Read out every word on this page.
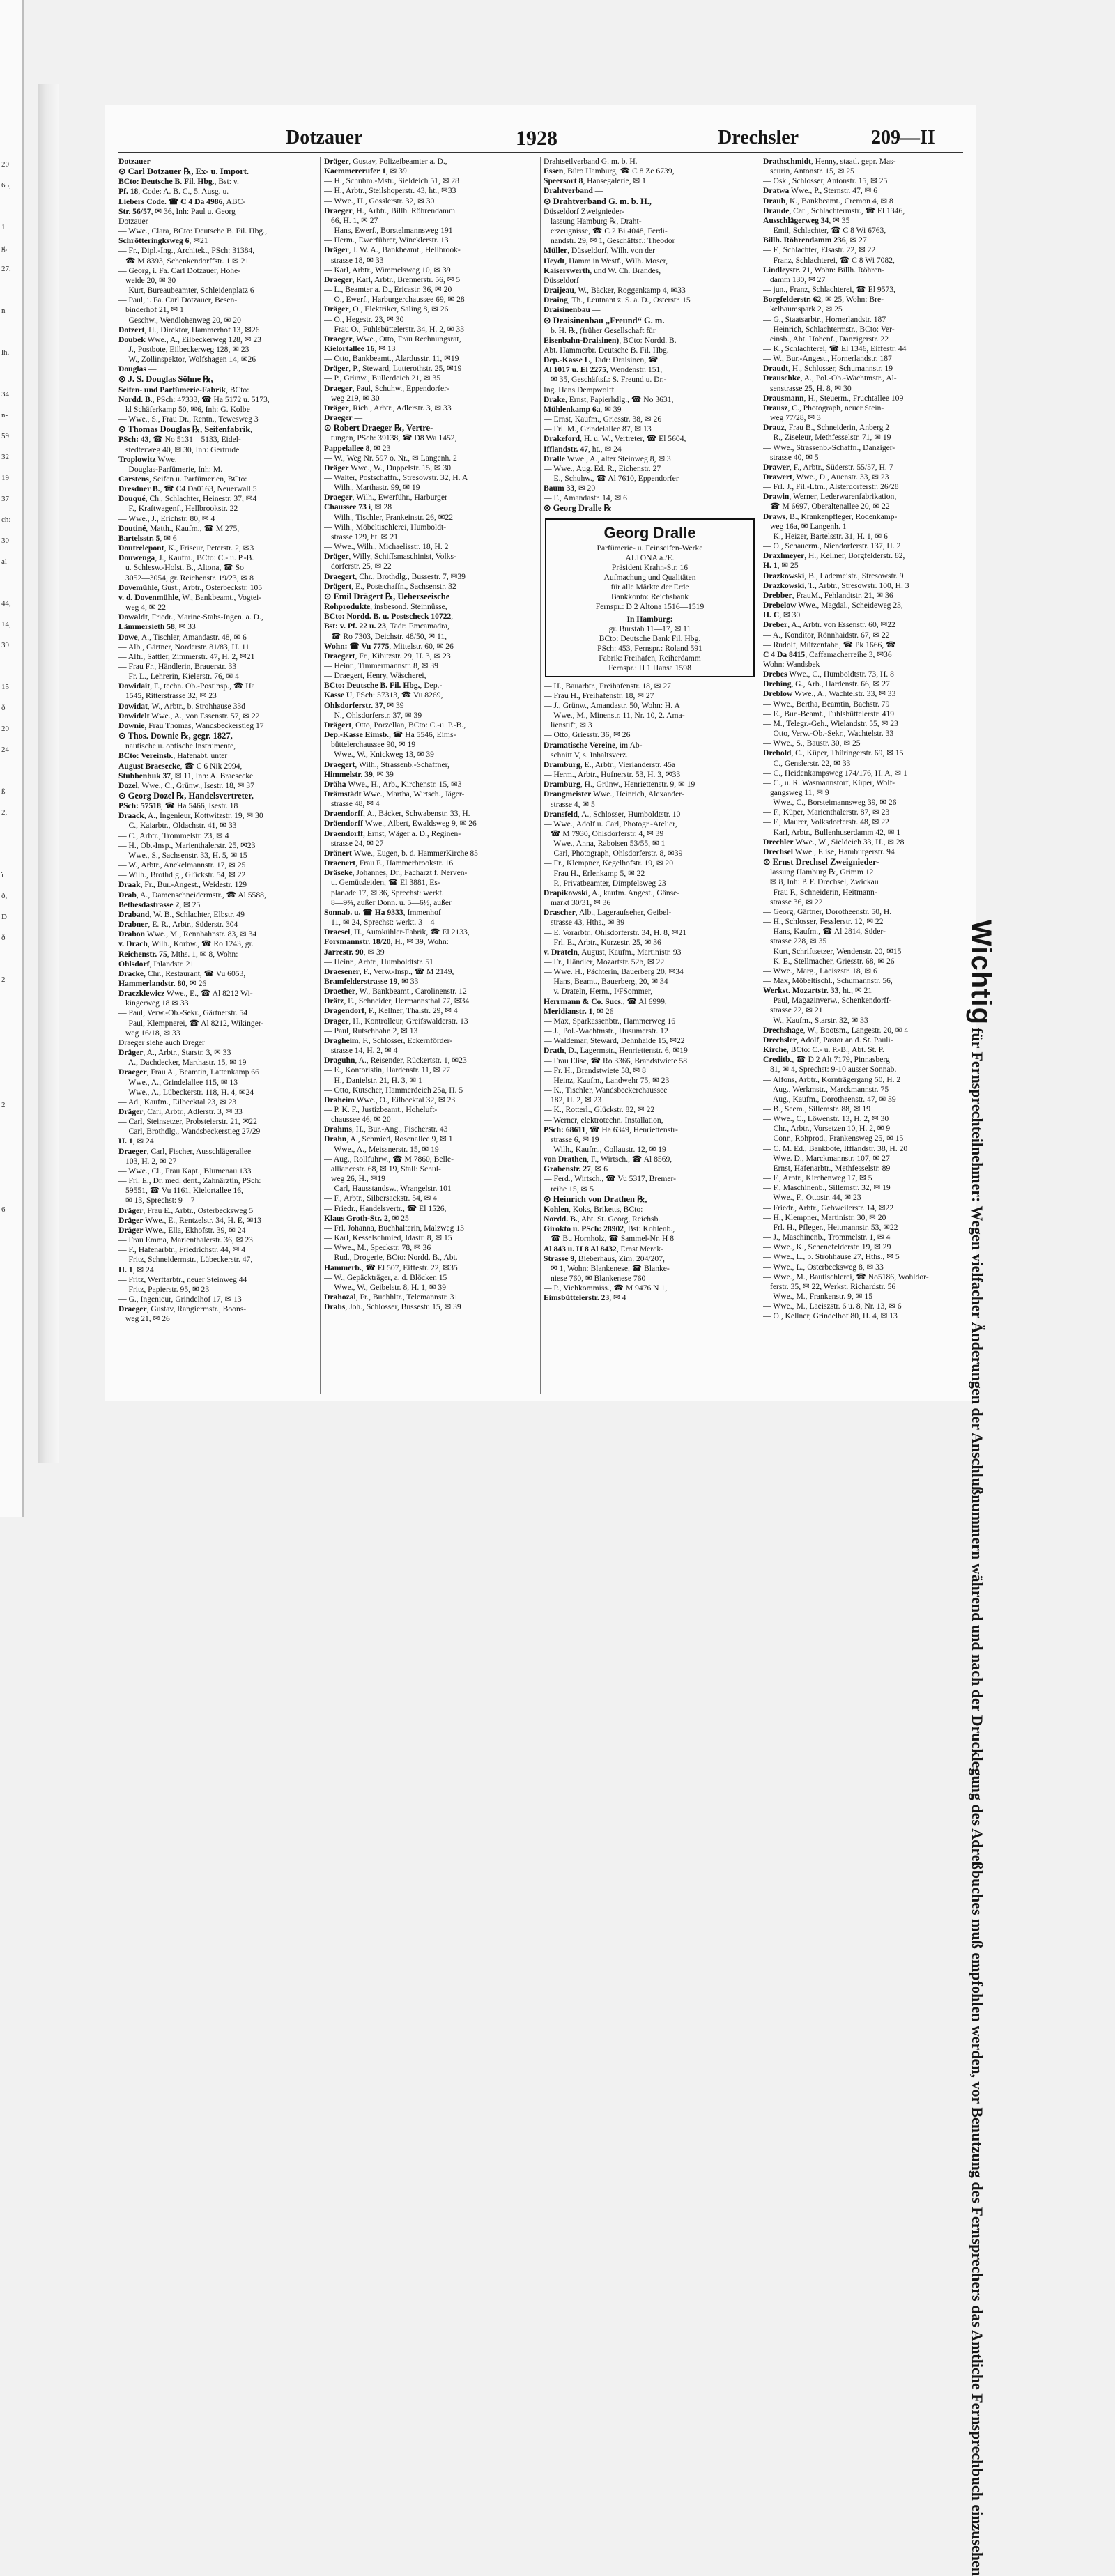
20
65,
1
g,
27,
n-
lh.
34
n-
59
32
19
37
ch:
30
al-
44,
14,
39
15
ð
20
24
ß
2,
ï
ð,
D
ð
2
2
6
Dotzauer	1928	Drechsler	209—II

Dotzauer —

⊙ Carl Dotzauer ℞, Ex- u. Import.

BCto: Deutsche B. Fil. Hbg., Bst: v.

Pf. 18, Code: A. B. C., 5. Ausg. u.

Liebers Code. ☎ C 4 Da 4986, ABC-

Str. 56/57, ✉ 36, Inh: Paul u. Georg

Dotzauer

— Wwe., Clara, BCto: Deutsche B. Fil. Hbg.,

Schrötteringksweg 6, ✉21

— Fr., Dipl.-Ing., Architekt, PSch: 31384,

☎ M 8393, Schenkendorffstr. 1 ✉ 21

— Georg, i. Fa. Carl Dotzauer, Hohe-

weide 20, ✉ 30

— Kurt, Bureaubeamter, Schleidenplatz 6

— Paul, i. Fa. Carl Dotzauer, Besen-

binderhof 21, ✉ 1

— Geschw., Wendlohenweg 20, ✉ 20

Dotzert, H., Direktor, Hammerhof 13, ✉26

Doubek Wwe., A., Eilbeckerweg 128, ✉ 23

— J., Postbote, Eilbeckerweg 128, ✉ 23

— W., Zollinspektor, Wolfshagen 14, ✉26

Douglas —

⊙ J. S. Douglas Söhne ℞,

Seifen- und Parfümerie-Fabrik, BCto:

Nordd. B., PSch: 47333, ☎ Ha 5172 u. 5173,

kl Schäferkamp 50, ✉6, Inh: G. Kolbe

— Wwe., S., Frau Dr., Rentn., Tewesweg 3

⊙ Thomas Douglas ℞, Seifenfabrik,

PSch: 43, ☎ No 5131—5133, Eidel-

stedterweg 40, ✉ 30, Inh: Gertrude

Troplowitz Wwe.

— Douglas-Parfümerie, Inh: M.

Carstens, Seifen u. Parfümerien, BCto:

Dresdner B., ☎ C4 Da0163, Neuerwall 5

Douqué, Ch., Schlachter, Heinestr. 37, ✉4

— F., Kraftwagenf., Hellbrookstr. 22

— Wwe., J., Erichstr. 80, ✉ 4

Doutiné, Matth., Kaufm., ☎ M 275,

Bartelsstr. 5, ✉ 6

Doutrelepont, K., Friseur, Peterstr. 2, ✉3

Douwenga, J., Kaufm., BCto: C.- u. P.-B.

u. Schlesw.-Holst. B., Altona, ☎ So

3052—3054, gr. Reichenstr. 19/23, ✉ 8

Dovemühle, Gust., Arbtr., Osterbeckstr. 105

v. d. Dovenmühle, W., Bankbeamt., Vogtei-

weg 4, ✉ 22

Dowaldt, Friedr., Marine-Stabs-Ingen. a. D.,

Lämmersieth 58, ✉ 33

Dowe, A., Tischler, Amandastr. 48, ✉ 6

— Alb., Gärtner, Norderstr. 81/83, H. 11

— Alfr., Sattler, Zimmerstr. 47, H. 2, ✉21

— Frau Fr., Händlerin, Brauerstr. 33

— Fr. L., Lehrerin, Kielerstr. 76, ✉ 4

Dowidait, F., techn. Ob.-Postinsp., ☎ Ha

1545, Ritterstrasse 32, ✉ 23

Dowidat, W., Arbtr., b. Strohhause 33d

Dowidelt Wwe., A., von Essenstr. 57, ✉ 22

Downie, Frau Thomas, Wandsbeckerstieg 17

⊙ Thos. Downie ℞, gegr. 1827,

nautische u. optische Instrumente,

BCto: Vereinsb., Hafenabt. unter

August Braesecke, ☎ C 6 Nik 2994,

Stubbenhuk 37, ✉ 11, Inh: A. Braesecke

Dozel, Wwe., C., Grünw., Isestr. 18, ✉ 37

⊙ Georg Dozel ℞, Handelsvertreter,

PSch: 57518, ☎ Ha 5466, Isestr. 18

Draack, A., Ingenieur, Kottwitzstr. 19, ✉ 30

— C., Kaiarbtr., Oldachstr. 41, ✉ 33

— C., Arbtr., Trommelstr. 23, ✉ 4

— H., Ob.-Insp., Marienthalerstr. 25, ✉23

— Wwe., S., Sachsenstr. 33, H. 5, ✉ 15

— W., Arbtr., Anckelmannstr. 17, ✉ 25

— Wilh., Brothdlg., Glückstr. 54, ✉ 22

Draak, Fr., Bur.-Angest., Weidestr. 129

Drab, A., Damenschneidermstr., ☎ Al 5588,

Bethesdastrasse 2, ✉ 25

Draband, W. B., Schlachter, Elbstr. 49

Drabner, E. R., Arbtr., Süderstr. 304

Drabon Wwe., M., Rennbahnstr. 83, ✉ 34

v. Drach, Wilh., Korbw., ☎ Ro 1243, gr.

Reichenstr. 75, Mths. 1, ✉ 8, Wohn:

Ohlsdorf, Ihlandstr. 21

Dracke, Chr., Restaurant, ☎ Vu 6053,

Hammerlandstr. 80, ✉ 26

Draczklewicz Wwe., E., ☎ Al 8212 Wi-

kingerweg 18 ✉ 33

— Paul, Verw.-Ob.-Sekr., Gärtnerstr. 54

— Paul, Klempnerei, ☎ Al 8212, Wikinger-

weg 16/18, ✉ 33

Draeger siehe auch Dreger

Dräger, A., Arbtr., Starstr. 3, ✉ 33

— A., Dachdecker, Marthastr. 15, ✉ 19

Draeger, Frau A., Beamtin, Lattenkamp 66

— Wwe., A., Grindelallee 115, ✉ 13

— Wwe., A., Lübeckerstr. 118, H. 4, ✉24

— Ad., Kaufm., Eilbecktal 23, ✉ 23

Dräger, Carl, Arbtr., Adlerstr. 3, ✉ 33

— Carl, Steinsetzer, Probsteierstr. 21, ✉22

— Carl, Brothdlg., Wandsbeckerstieg 27/29

H. 1, ✉ 24

Draeger, Carl, Fischer, Ausschlägerallee

103, H. 2, ✉ 27

— Wwe., Cl., Frau Kapt., Blumenau 133

— Frl. E., Dr. med. dent., Zahnärztin, PSch:

59551, ☎ Vu 1161, Kielortallee 16,

✉ 13, Sprechst: 9—7

Dräger, Frau E., Arbtr., Osterbecksweg 5

Dräger Wwe., E., Rentzelstr. 34, H. E, ✉13

Dräger Wwe., Ella, Ekhofstr. 39, ✉ 24

— Frau Emma, Marienthalerstr. 36, ✉ 23

— F., Hafenarbtr., Friedrichstr. 44, ✉ 4

— Fritz, Schneidermstr., Lübeckerstr. 47,

H. 1, ✉ 24

— Fritz, Werftarbtr., neuer Steinweg 44

— Fritz, Papierstr. 95, ✉ 23

— G., Ingenieur, Grindelhof 17, ✉ 13

Draeger, Gustav, Rangiermstr., Boons-

weg 21, ✉ 26

Dräger, Gustav, Polizeibeamter a. D.,

Kaemmererufer 1, ✉ 39

— H., Schuhm.-Mstr., Sieldeich 51, ✉ 28

— H., Arbtr., Steilshoperstr. 43, ht., ✉33

— Wwe., H., Gosslerstr. 32, ✉ 30

Draeger, H., Arbtr., Billh. Röhrendamm

66, H. 1, ✉ 27

— Hans, Ewerf., Borstelmannsweg 191

— Herm., Ewerführer, Wincklerstr. 13

Dräger, J. W. A., Bankbeamt., Hellbrook-

strasse 18, ✉ 33

— Karl, Arbtr., Wimmelsweg 10, ✉ 39

Draeger, Karl, Arbtr., Brennerstr. 56, ✉ 5

— L., Beamter a. D., Ericastr. 36, ✉ 20

— O., Ewerf., Harburgerchaussee 69, ✉ 28

Dräger, O., Elektriker, Saling 8, ✉ 26

— O., Hegestr. 23, ✉ 30

— Frau O., Fuhlsbüttelerstr. 34, H. 2, ✉ 33

Draeger, Wwe., Otto, Frau Rechnungsrat,

Kielortallee 16, ✉ 13

— Otto, Bankbeamt., Alardusstr. 11, ✉19

Dräger, P., Steward, Lutterothstr. 25, ✉19

— P., Grünw., Bullerdeich 21, ✉ 35

Draeger, Paul, Schuhw., Eppendorfer-

weg 219, ✉ 30

Dräger, Rich., Arbtr., Adlerstr. 3, ✉ 33

Draeger —

⊙ Robert Draeger ℞, Vertre-

tungen, PSch: 39138, ☎ D8 Wa 1452,

Pappelallee 8, ✉ 23

— W., Weg Nr. 597 o. Nr., ✉ Langenh. 2

Dräger Wwe., W., Duppelstr. 15, ✉ 30

— Walter, Postschaffn., Stresowstr. 32, H. A

— Wilh., Marthastr. 99, ✉ 19

Draeger, Wilh., Ewerführ., Harburger

Chaussee 73 i, ✉ 28

— Wilh., Tischler, Frankeinstr. 26, ✉22

— Wilh., Möbeltischlerei, Humboldt-

strasse 129, ht. ✉ 21

— Wwe., Wilh., Michaelisstr. 18, H. 2

Dräger, Willy, Schiffsmaschinist, Volks-

dorferstr. 25, ✉ 22

Draegert, Chr., Brothdlg., Bussestr. 7, ✉39

Drägert, E., Postschaffn., Sachsenstr. 32

⊙ Emil Drägert ℞, Ueberseeische

Rohprodukte, insbesond. Steinnüsse,

BCto: Nordd. B. u. Postscheck 10722,

Bst: v. Pf. 22 u. 23, Tadr: Emcamadra,

☎ Ro 7303, Deichstr. 48/50, ✉ 11,

Wohn: ☎ Vu 7775, Mittelstr. 60, ✉ 26

Draegert, Fr., Kibitzstr. 29, H. 3, ✉ 23

— Heinr., Timmermannstr. 8, ✉ 39

— Draegert, Henry, Wäscherei,

BCto: Deutsche B. Fil. Hbg., Dep.-

Kasse U, PSch: 57313, ☎ Vu 8269,

Ohlsdorferstr. 37, ✉ 39

— N., Ohlsdorferstr. 37, ✉ 39

Drägert, Otto, Porzellan, BCto: C.-u. P.-B.,

Dep.-Kasse Eimsb., ☎ Ha 5546, Eims-

büttelerchaussee 90, ✉ 19

— Wwe., W., Knickweg 13, ✉ 39

Draegert, Wilh., Strassenb.-Schaffner,

Himmelstr. 39, ✉ 39

Dräha Wwe., H., Arb., Kirchenstr. 15, ✉3

Drämstädt Wwe., Martha, Wirtsch., Jäger-

strasse 48, ✉ 4

Draendorff, A., Bäcker, Schwabenstr. 33, H.

Dräendorff Wwe., Albert, Ewaldsweg 9, ✉ 26

Draendorff, Ernst, Wäger a. D., Reginen-

strasse 24, ✉ 27

Dränert Wwe., Eugen, b. d. HammerKirche 85

Draenert, Frau F., Hammerbrookstr. 16

Dräseke, Johannes, Dr., Facharzt f. Nerven-

u. Gemütsleiden, ☎ El 3881, Es-

planade 17, ✉ 36, Sprechst: werkt.

8—9¾, außer Donn. u. 5—6½, außer

Sonnab. u. ☎ Ha 9333, Immenhof

11, ✉ 24, Sprechst: werkt. 3—4

Draesel, H., Autokühler-Fabrik, ☎ El 2133,

Forsmannstr. 18/20, H., ✉ 39, Wohn:

Jarrestr. 90, ✉ 39

— Heinr., Arbtr., Humboldtstr. 51

Draesener, F., Verw.-Insp., ☎ M 2149,

Bramfelderstrasse 19, ✉ 33

Draether, W., Bankbeamt., Carolinenstr. 12

Drätz, E., Schneider, Hermannsthal 77, ✉34

Dragendorf, F., Kellner, Thalstr. 29, ✉ 4

Drager, H., Kontrolleur, Greifswalderstr. 13

— Paul, Rutschbahn 2, ✉ 13

Dragheim, F., Schlosser, Eckernförder-

strasse 14, H. 2, ✉ 4

Draguhn, A., Reisender, Rückertstr. 1, ✉23

— E., Kontoristin, Hardenstr. 11, ✉ 27

— H., Danielstr. 21, H. 3, ✉ 1

— Otto, Kutscher, Hammerdeich 25a, H. 5

Draheim Wwe., O., Eilbecktal 32, ✉ 23

— P. K. F., Justizbeamt., Hoheluft-

chaussee 46, ✉ 20

Drahms, H., Bur.-Ang., Fischerstr. 43

Drahn, A., Schmied, Rosenallee 9, ✉ 1

— Wwe., A., Meissnerstr. 15, ✉ 19

— Aug., Rollfuhrw., ☎ M 7860, Belle-

alliancestr. 68, ✉ 19, Stall: Schul-

weg 26, H., ✉19

— Carl, Hausstandsw., Wrangelstr. 101

— F., Arbtr., Silbersackstr. 54, ✉ 4

— Friedr., Handelsvertr., ☎ El 1526,

Klaus Groth-Str. 2, ✉ 25

— Frl. Johanna, Buchhalterin, Malzweg 13

— Karl, Kesselschmied, Idastr. 8, ✉ 15

— Wwe., M., Speckstr. 78, ✉ 36

— Rud., Drogerie, BCto: Nordd. B., Abt.

Hammerb., ☎ El 507, Eiffestr. 22, ✉35

— W., Gepäckträger, a. d. Blöcken 15

— Wwe., W., Geibelstr. 8, H. 1, ✉ 39

Drahozal, Fr., Buchhltr., Telemannstr. 31

Drahs, Joh., Schlosser, Bussestr. 15, ✉ 39

Drahtseilverband G. m. b. H.

Essen, Büro Hamburg, ☎ C 8 Ze 6739,

Speersort 8, Hansegalerie, ✉ 1

Drahtverband —

⊙ Drahtverband G. m. b. H.,

Düsseldorf Zweignieder-

lassung Hamburg ℞, Draht-

erzeugnisse, ☎ C 2 Bi 4048, Ferdi-

nandstr. 29, ✉ 1, Geschäftsf.: Theodor

Müller, Düsseldorf, Wilh. von der

Heydt, Hamm in Westf., Wilh. Moser,

Kaiserswerth, und W. Ch. Brandes,

Düsseldorf

Draijeau, W., Bäcker, Roggenkamp 4, ✉33

Draing, Th., Leutnant z. S. a. D., Osterstr. 15

Draisinenbau —

⊙ Draisinenbau „Freund“ G. m.

b. H. ℞, (früher Gesellschaft für

Eisenbahn-Draisinen), BCto: Nordd. B.

Abt. Hammerbr. Deutsche B. Fil. Hbg.

Dep.-Kasse L, Tadr: Draisinen, ☎

Al 1017 u. El 2275, Wendenstr. 151,

✉ 35, Geschäftsf.: S. Freund u. Dr.-

Ing. Hans Dempwolff

Drake, Ernst, Papierhdlg., ☎ No 3631,

Mühlenkamp 6a, ✉ 39

— Ernst, Kaufm., Griesstr. 38, ✉ 26

— Frl. M., Grindelallee 87, ✉ 13

Drakeford, H. u. W., Vertreter, ☎ El 5604,

Ifflandstr. 47, ht., ✉ 24

Dralle Wwe., A., alter Steinweg 8, ✉ 3

— Wwe., Aug. Ed. R., Eichenstr. 27

— E., Schuhw., ☎ Al 7610, Eppendorfer

Baum 33, ✉ 20

— F., Amandastr. 14, ✉ 6

⊙ Georg Dralle ℞

Georg Dralle

Parfümerie- u. Feinseifen-Werke

ALTONA a./E.

Präsident Krahn-Str. 16

Aufmachung und Qualitäten

für alle Märkte der Erde

Bankkonto: Reichsbank

Fernspr.: D 2 Altona 1516—1519

In Hamburg:

gr. Burstah 11—17, ✉ 11

BCto: Deutsche Bank Fil. Hbg.

PSch: 453, Fernspr.: Roland 591

Fabrik: Freihafen, Reiherdamm

Fernspr.: H 1 Hansa 1598

— H., Bauarbtr., Freihafenstr. 18, ✉ 27

— Frau H., Freihafenstr. 18, ✉ 27

— J., Grünw., Amandastr. 50, Wohn: H. A

— Wwe., M., Minenstr. 11, Nr. 10, 2. Ama-

lienstift, ✉ 3

— Otto, Griesstr. 36, ✉ 26

Dramatische Vereine, im Ab-

schnitt V, s. Inhaltsverz.

Dramburg, E., Arbtr., Vierlanderstr. 45a

— Herm., Arbtr., Hufnerstr. 53, H. 3, ✉33

Dramburg, H., Grünw., Henriettenstr. 9, ✉ 19

Drangmeister Wwe., Heinrich, Alexander-

strasse 4, ✉ 5

Dransfeld, A., Schlosser, Humboldtstr. 10

— Wwe., Adolf u. Carl, Photogr.-Atelier,

☎ M 7930, Ohlsdorferstr. 4, ✉ 39

— Wwe., Anna, Raboisen 53/55, ✉ 1

— Carl, Photograph, Ohlsdorferstr. 8, ✉39

— Fr., Klempner, Kegelhofstr. 19, ✉ 20

— Frau H., Erlenkamp 5, ✉ 22

— P., Privatbeamter, Dimpfelsweg 23

Drapikowski, A., kaufm. Angest., Gänse-

markt 30/31, ✉ 36

Drascher, Alb., Lageraufseher, Geibel-

strasse 43, Hths., ✉ 39

— E. Vorarbtr., Ohlsdorferstr. 34, H. 8, ✉21

— Frl. E., Arbtr., Kurzestr. 25, ✉ 36

v. Drateln, August, Kaufm., Martinistr. 93

— Fr., Händler, Mozartstr. 52b, ✉ 22

— Wwe. H., Pächterin, Bauerberg 20, ✉34

— Hans, Beamt., Bauerberg, 20, ✉ 34

— v. Drateln, Herm., IᵃFSommer,

Herrmann & Co. Sucs., ☎ Al 6999,

Meridianstr. 1, ✉ 26

— Max, Sparkassenbtr., Hammerweg 16

— J., Pol.-Wachtmstr., Husumerstr. 12

— Waldemar, Steward, Dehnhaide 15, ✉22

Drath, D., Lagermstr., Henriettenstr. 6, ✉19

— Frau Elise, ☎ Ro 3366, Brandstwiete 58

— Fr. H., Brandstwiete 58, ✉ 8

— Heinz, Kaufm., Landwehr 75, ✉ 23

— K., Tischler, Wandsbeckerchaussee

182, H. 2, ✉ 23

— K., Rotterl., Glückstr. 82, ✉ 22

— Werner, elektrotechn. Installation,

PSch: 68611, ☎ Ha 6349, Henriettenstr-

strasse 6, ✉ 19

— Wilh., Kaufm., Collaustr. 12, ✉ 19

von Drathen, F., Wirtsch., ☎ Al 8569,

Grabenstr. 27, ✉ 6

— Ferd., Wirtsch., ☎ Vu 5317, Bremer-

reihe 15, ✉ 5

⊙ Heinrich von Drathen ℞,

Kohlen, Koks, Briketts, BCto:

Nordd. B., Abt. St. Georg, Reichsb.

Girokto u. PSch: 28902, Bst: Kohlenb.,

☎ Bu Hornholz, ☎ Sammel-Nr. H 8

Al 843 u. H 8 Al 8432, Ernst Merck-

Strasse 9, Bieberhaus, Zim. 204/207,

✉ 1, Wohn: Blankenese, ☎ Blanke-

niese 760, ✉ Blankenese 760

— P., Viehkommiss., ☎ M 9476 N 1,

Eimsbüttelerstr. 23, ✉ 4

Drathschmidt, Henny, staatl. gepr. Mas-

seurin, Antonstr. 15, ✉ 25

— Osk., Schlosser, Antonstr. 15, ✉ 25

Dratwa Wwe., P., Sternstr. 47, ✉ 6

Draub, K., Bankbeamt., Cremon 4, ✉ 8

Draude, Carl, Schlachtermstr., ☎ El 1346,

Ausschlägerweg 34, ✉ 35

— Emil, Schlachter, ☎ C 8 Wi 6763,

Billh. Röhrendamm 236, ✉ 27

— F., Schlachter, Elsastr. 22, ✉ 22

— Franz, Schlachterei, ☎ C 8 Wi 7082,

Lindleystr. 71, Wohn: Billh. Röhren-

damm 130, ✉ 27

— jun., Franz, Schlachterei, ☎ El 9573,

Borgfelderstr. 62, ✉ 25, Wohn: Bre-

kelbaumspark 2, ✉ 25

— G., Staatsarbtr., Hornerlandstr. 187

— Heinrich, Schlachtermstr., BCto: Ver-

einsb., Abt. Hohenf., Danzigerstr. 22

— K., Schlachterei, ☎ El 1346, Eiffestr. 44

— W., Bur.-Angest., Hornerlandstr. 187

Draudt, H., Schlosser, Schumannstr. 19

Drauschke, A., Pol.-Ob.-Wachtmstr., Al-

senstrasse 25, H. 8, ✉ 30

Drausmann, H., Steuerm., Fruchtallee 109

Drausz, C., Photograph, neuer Stein-

weg 77/28, ✉ 3

Drauz, Frau B., Schneiderin, Anberg 2

— R., Ziseleur, Methfesselstr. 71, ✉ 19

— Wwe., Strassenb.-Schaffn., Danziger-

strasse 40, ✉ 5

Drawer, F., Arbtr., Süderstr. 55/57, H. 7

Drawert, Wwe., D., Auenstr. 33, ✉ 23

— Frl. J., Fil.-Ltrn., Alsterdorferstr. 26/28

Drawin, Werner, Lederwarenfabrikation,

☎ M 6697, Oberaltenallee 20, ✉ 22

Draws, B., Krankenpfleger, Rodenkamp-

weg 16a, ✉ Langenh. 1

— K., Heizer, Bartelsstr. 31, H. 1, ✉ 6

— O., Schauerm., Niendorferstr. 137, H. 2

Draxlmeyer, H., Kellner, Borgfelderstr. 82,

H. 1, ✉ 25

Drazkowski, B., Lademeistr., Stresowstr. 9

Drazkowski, T., Arbtr., Stresowstr. 100, H. 3

Drebber, FrauM., Fehlandtstr. 21, ✉ 36

Drebelow Wwe., Magdal., Scheideweg 23,

H. C, ✉ 30

Dreber, A., Arbtr. von Essenstr. 60, ✉22

— A., Konditor, Rönnhaidstr. 67, ✉ 22

— Rudolf, Mützenfabr., ☎ Pk 1666, ☎

C 4 Da 8415, Caffamacherreihe 3, ✉36

Wohn: Wandsbek

Drebes Wwe., C., Humboldtstr. 73, H. 8

Drebing, G., Arb., Hardenstr. 66, ✉ 27

Dreblow Wwe., A., Wachtelstr. 33, ✉ 33

— Wwe., Bertha, Beamtin, Bachstr. 79

— E., Bur.-Beamt., Fuhlsbüttelerstr. 419

— M., Telegr.-Geh., Wielandstr. 55, ✉ 23

— Otto, Verw.-Ob.-Sekr., Wachtelstr. 33

— Wwe., S., Baustr. 30, ✉ 25

Drebold, C., Küper, Thüringerstr. 69, ✉ 15

— C., Genslerstr. 22, ✉ 33

— C., Heidenkampsweg 174/176, H. A, ✉ 1

— C., u. R. Wasmannstorf, Küper, Wolf-

gangsweg 11, ✉ 9

— Wwe., C., Borsteimannsweg 39, ✉ 26

— F., Küper, Marienthalerstr. 87, ✉ 23

— F., Maurer, Volksdorferstr. 48, ✉ 22

— Karl, Arbtr., Bullenhuserdamm 42, ✉ 1

Drechler Wwe., W., Sieldeich 33, H., ✉ 28

Drechsel Wwe., Elise, Hamburgerstr. 94

⊙ Ernst Drechsel Zweignieder-

lassung Hamburg ℞, Grimm 12

✉ 8, Inh: P. F. Drechsel, Zwickau

— Frau F., Schneiderin, Heitmann-

strasse 36, ✉ 22

— Georg, Gärtner, Dorotheenstr. 50, H.

— H., Schlosser, Fesslerstr. 12, ✉ 22

— Hans, Kaufm., ☎ Al 2814, Süder-

strasse 228, ✉ 35

— Kurt, Schriftsetzer, Wendenstr. 20, ✉15

— K. E., Stellmacher, Griesstr. 68, ✉ 26

— Wwe., Marg., Laeiszstr. 18, ✉ 6

— Max, Möbeltischl., Schumannstr. 56,

Werkst. Mozartstr. 33, ht., ✉ 21

— Paul, Magazinverw., Schenkendorff-

strasse 22, ✉ 21

— W., Kaufm., Starstr. 32, ✉ 33

Drechshage, W., Bootsm., Langestr. 20, ✉ 4

Drechsler, Adolf, Pastor an d. St. Pauli-

Kirche, BCto: C.- u. P.-B., Abt. St. P.

Creditb., ☎ D 2 Alt 7179, Pinnasberg

81, ✉ 4, Sprechst: 9-10 ausser Sonnab.

— Alfons, Arbtr., Kornträgergang 50, H. 2

— Aug., Werkmstr., Marckmannstr. 75

— Aug., Kaufm., Dorotheenstr. 47, ✉ 39

— B., Seem., Sillemstr. 88, ✉ 19

— Wwe., C., Löwenstr. 13, H. 2, ✉ 30

— Chr., Arbtr., Vorsetzen 10, H. 2, ✉ 9

— Conr., Rohprod., Frankensweg 25, ✉ 15

— C. M. Ed., Bankbote, Ifflandstr. 38, H. 20

— Wwe. D., Marckmannstr. 107, ✉ 27

— Ernst, Hafenarbtr., Methfesselstr. 89

— F., Arbtr., Kirchenweg 17, ✉ 5

— F., Maschinenb., Sillemstr. 32, ✉ 19

— Wwe., F., Ottostr. 44, ✉ 23

— Friedr., Arbtr., Gebweilerstr. 14, ✉22

— H., Klempner, Martinistr. 30, ✉ 20

— Frl. H., Pfleger., Heitmannstr. 53, ✉22

— J., Maschinenb., Trommelstr. 1, ✉ 4

— Wwe., K., Schenefelderstr. 19, ✉ 29

— Wwe., L., b. Strohhause 27, Hths., ✉ 5

— Wwe., L., Osterbecksweg 8, ✉ 33

— Wwe., M., Bautischlerei, ☎ No5186, Wohldor-

ferstr. 35, ✉ 22, Werkst. Richardstr. 56

— Wwe., M., Frankenstr. 9, ✉ 15

— Wwe., M., Laeiszstr. 6 u. 8, Nr. 13, ✉ 6

— O., Kellner, Grindelhof 80, H. 4, ✉ 13

Wichtig für Fernsprechteilnehmer: Wegen vielfacher Änderungen der Anschlußnummern während und nach der Drucklegung des Adreßbuches muß empfohlen werden, vor Benutzung des Fernsprechers das Amtliche Fernsprechbuch einzusehen
